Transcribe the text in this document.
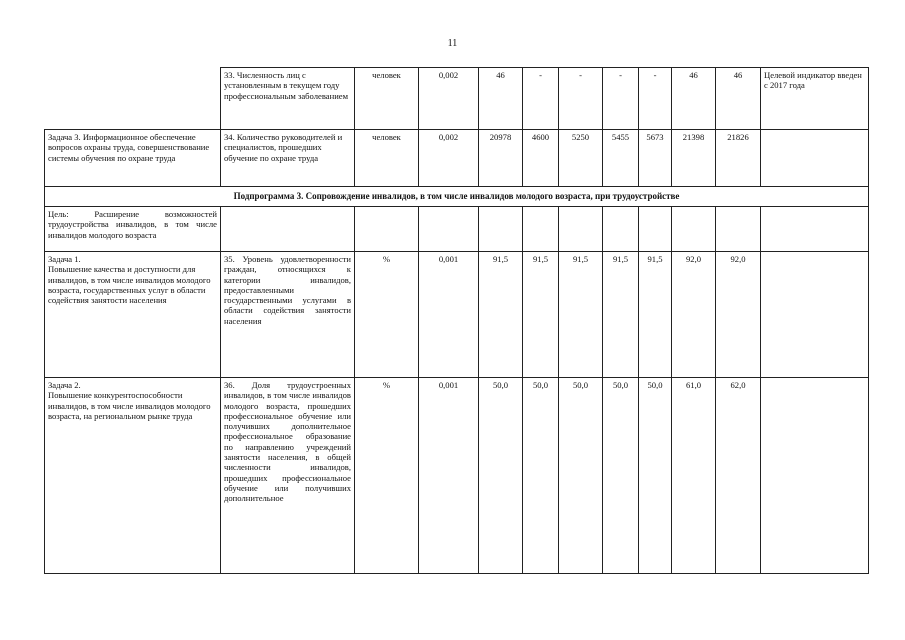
11
	33. Численность лиц с установленным в текущем году профессиональным заболеванием	человек	0,002	46	-	-	-	-	46	46	Целевой индикатор введен с 2017 года
Задача 3. Информационное обеспечение вопросов охраны труда, совершенствование системы обучения по охране труда	34. Количество руководителей и специалистов, прошедших обучение по охране труда	человек	0,002	20978	4600	5250	5455	5673	21398	21826	
Подпрограмма 3. Сопровождение инвалидов, в том числе инвалидов молодого возраста, при трудоустройстве											
Цель: Расширение возможностей трудоустройства инвалидов, в том числе инвалидов молодого возраста											
Задача 1.
Повышение качества и доступности для инвалидов, в том числе инвалидов молодого возраста, государственных услуг в области содействия занятости населения	35. Уровень удовлетворенности граждан, относящихся к категории инвалидов, предоставленными государственными услугами в области содействия занятости населения	%	0,001	91,5	91,5	91,5	91,5	91,5	92,0	92,0	
Задача 2.
Повышение конкурентоспособности инвалидов, в том числе инвалидов молодого возраста, на региональном рынке труда	36. Доля трудоустроенных инвалидов, в том числе инвалидов молодого возраста, прошедших профессиональное обучение или получивших дополнительное профессиональное образование по направлению учреждений занятости населения, в общей численности инвалидов, прошедших профессиональное обучение или получивших дополнительное	%	0,001	50,0	50,0	50,0	50,0	50,0	61,0	62,0	
